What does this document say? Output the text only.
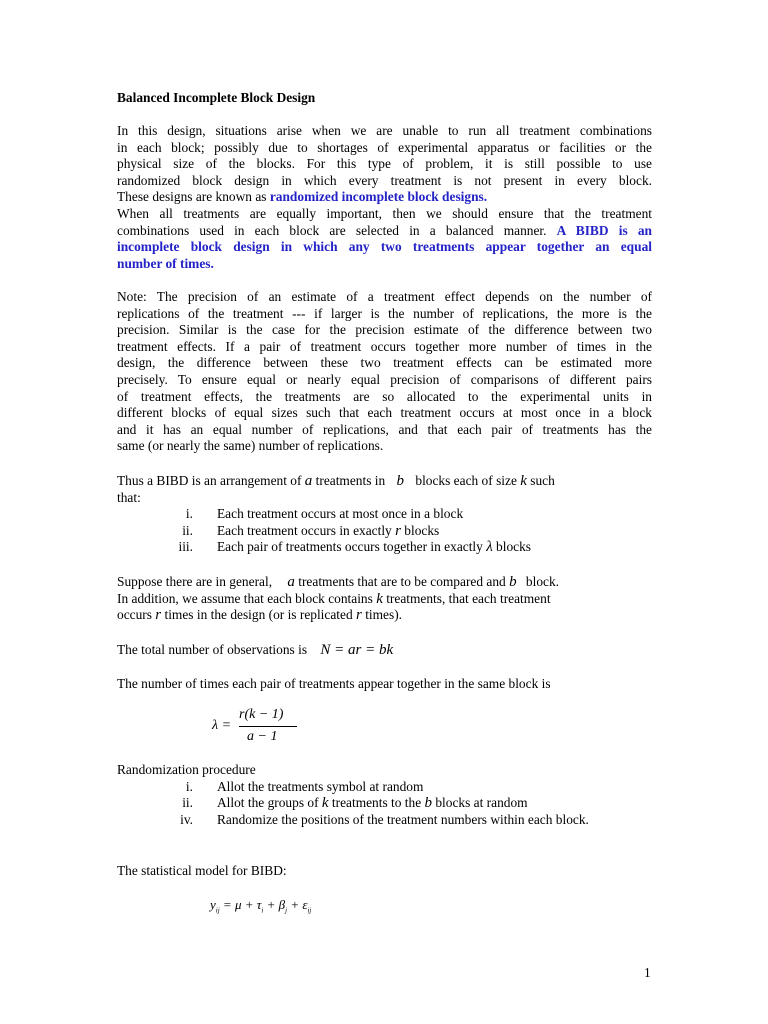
Balanced Incomplete Block Design
In this design, situations arise when we are unable to run all treatment combinations
in each block; possibly due to shortages of experimental apparatus or facilities or the
physical size of the blocks. For this type of problem, it is still possible to use
randomized block design in which every treatment is not present in every block.
These designs are known as randomized incomplete block designs.
When all treatments are equally important, then we should ensure that the treatment
combinations used in each block are selected in a balanced manner. A BIBD is an
incomplete block design in which any two treatments appear together an equal
number of times.
Note: The precision of an estimate of a treatment effect depends on the number of
replications of the treatment --- if larger is the number of replications, the more is the
precision. Similar is the case for the precision estimate of the difference between two
treatment effects. If a pair of treatment occurs together more number of times in the
design, the difference between these two treatment effects can be estimated more
precisely. To ensure equal or nearly equal precision of comparisons of different pairs
of treatment effects, the treatments are so allocated to the experimental units in
different blocks of equal sizes such that each treatment occurs at most once in a block
and it has an equal number of replications, and that each pair of treatments has the
same (or nearly the same) number of replications.
Thus a BIBD is an arrangement of a treatments in b blocks each of size k such
that:
i. Each treatment occurs at most once in a block
ii. Each treatment occurs in exactly r blocks
iii. Each pair of treatments occurs together in exactly λ blocks
Suppose there are in general, a treatments that are to be compared and b block.
In addition, we assume that each block contains k treatments, that each treatment
occurs r times in the design (or is replicated r times).
The total number of observations is N = ar = bk
The number of times each pair of treatments appear together in the same block is
λ =
r(k − 1)
a − 1
Randomization procedure
i. Allot the treatments symbol at random
ii. Allot the groups of k treatments to the b blocks at random
iv. Randomize the positions of the treatment numbers within each block.
The statistical model for BIBD:
$y_{ij} = \mu + \tau_i + \beta_j + \varepsilon_{ij}$
1
